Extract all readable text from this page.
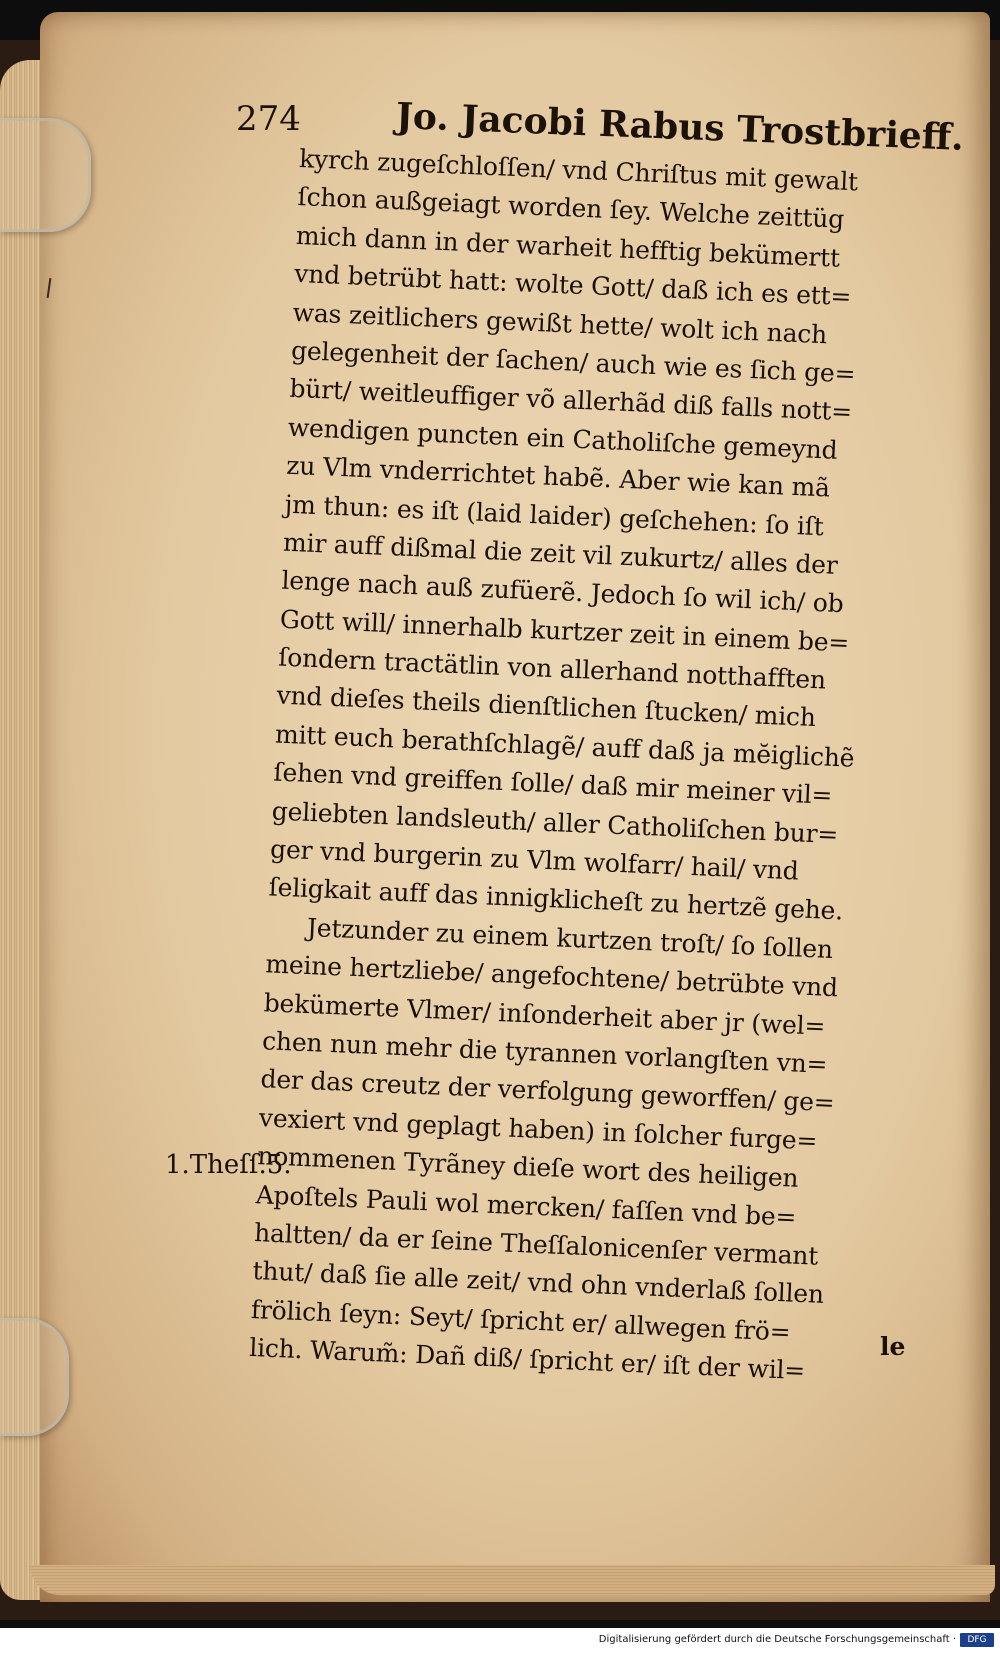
274	Jo. Jacobi Rabus Trostbrieff.
kyrch zugeſchloſſen/ vnd Chriſtus mit gewalt
ſchon außgeiagt worden ſey. Welche zeittüg
mich dann in der warheit hefftig bekümertt
vnd betrübt hatt: wolte Gott/ daß ich es ett=
was zeitlichers gewißt hette/ wolt ich nach
gelegenheit der ſachen/ auch wie es ſich ge=
bürt/ weitleuffiger võ allerhãd diß falls nott=
wendigen puncten ein Catholiſche gemeynd
zu Vlm vnderrichtet habẽ. Aber wie kan mã
jm thun: es iſt (laid laider) geſchehen: ſo iſt
mir auff dißmal die zeit vil zukurtz/ alles der
lenge nach auß zufüerẽ. Jedoch ſo wil ich/ ob
Gott will/ innerhalb kurtzer zeit in einem be=
ſondern tractätlin von allerhand notthafften
vnd dieſes theils dienſtlichen ſtucken/ mich
mitt euch berathſchlagẽ/ auff daß ja mĕiglichẽ
ſehen vnd greiffen ſolle/ daß mir meiner vil=
geliebten landsleuth/ aller Catholiſchen bur=
ger vnd burgerin zu Vlm wolfarr/ hail/ vnd
ſeligkait auff das innigklicheſt zu hertzẽ gehe.
Jetzunder zu einem kurtzen troſt/ ſo ſollen
meine hertzliebe/ angefochtene/ betrübte vnd
bekümerte Vlmer/ inſonderheit aber jr (wel=
chen nun mehr die tyrannen vorlangſten vn=
der das creutz der verfolgung geworffen/ ge=
vexiert vnd geplagt haben) in ſolcher furge=
nommenen Tyrãney dieſe wort des heiligen
Apoſtels Pauli wol mercken/ faſſen vnd be=
haltten/ da er ſeine Theſſalonicenſer vermant
thut/ daß ſie alle zeit/ vnd ohn vnderlaß ſollen
frölich ſeyn: Seyt/ ſpricht er/ allwegen frö=
lich. Warum̃: Dañ diß/ ſpricht er/ iſt der wil=
1.Theſſ.5.
le
Digitalisierung gefördert durch die Deutsche Forschungsgemeinschaft ·	DFG
